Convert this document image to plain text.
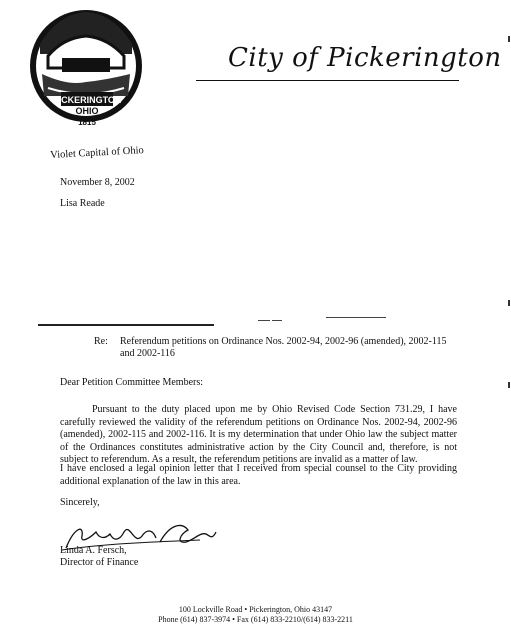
PICKERINGTON
OHIO
1815
Violet Capital of Ohio
City of Pickerington
November 8, 2002
Lisa Reade
Re: Referendum petitions on Ordinance Nos. 2002-94, 2002-96 (amended), 2002-115 and 2002-116
Dear Petition Committee Members:
Pursuant to the duty placed upon me by Ohio Revised Code Section 731.29, I have carefully reviewed the validity of the referendum petitions on Ordinance Nos. 2002-94, 2002-96 (amended), 2002-115 and 2002-116. It is my determination that under Ohio law the subject matter of the Ordinances constitutes administrative action by the City Council and, therefore, is not subject to referendum. As a result, the referendum petitions are invalid as a matter of law.
I have enclosed a legal opinion letter that I received from special counsel to the City providing additional explanation of the law in this area.
Sincerely,
Linda A. Fersch,
Director of Finance
100 Lockville Road • Pickerington, Ohio 43147
Phone (614) 837-3974 • Fax (614) 833-2210/(614) 833-2211
